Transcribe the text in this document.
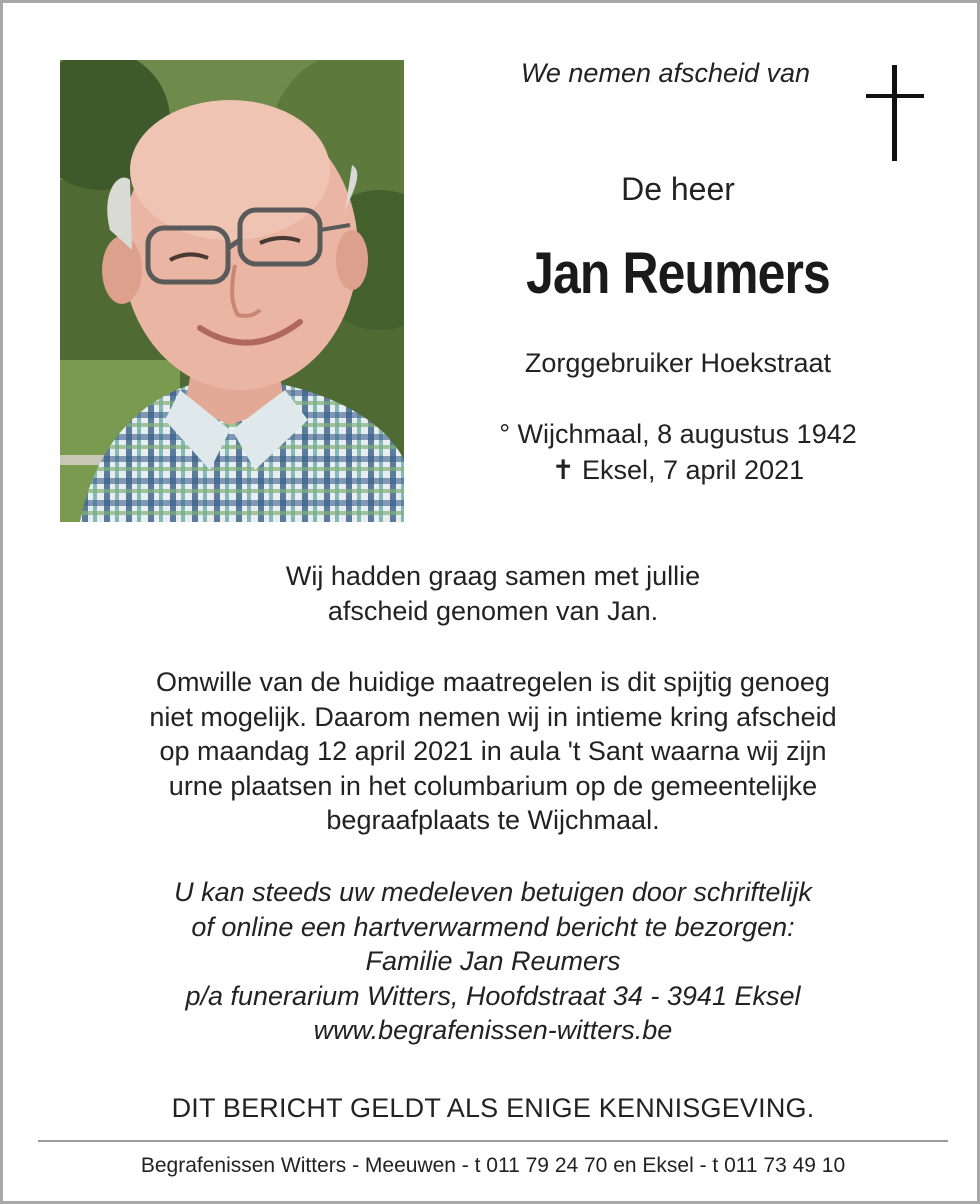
We nemen afscheid van
De heer
Jan Reumers
Zorggebruiker Hoekstraat
° Wijchmaal, 8 augustus 1942
✝ Eksel, 7 april 2021

Wij hadden graag samen met jullie

afscheid genomen van Jan.

Omwille van de huidige maatregelen is dit spijtig genoeg

niet mogelijk. Daarom nemen wij in intieme kring afscheid

op maandag 12 april 2021 in aula 't Sant waarna wij zijn

urne plaatsen in het columbarium op de gemeentelijke

begraafplaats te Wijchmaal.

U kan steeds uw medeleven betuigen door schriftelijk

of online een hartverwarmend bericht te bezorgen:

Familie Jan Reumers

p/a funerarium Witters, Hoofdstraat 34 - 3941 Eksel

www.begrafenissen-witters.be

DIT BERICHT GELDT ALS ENIGE KENNISGEVING.
Begrafenissen Witters - Meeuwen - t 011 79 24 70 en Eksel - t 011 73 49 10
